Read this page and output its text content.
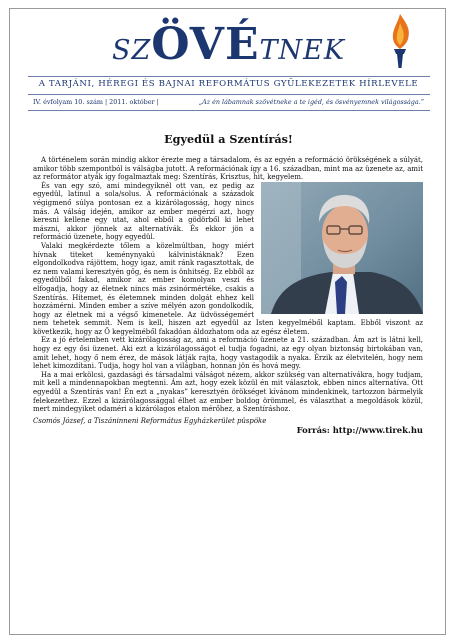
SZÖVÉTNEK
A TARJÁNI, HÉREGI ÉS BAJNAI REFORMÁTUS GYÜLEKEZETEK HÍRLEVELE
IV. évfolyam 10. szám | 2011. október |	„Az én lábamnak szövétneke a te igéd, és ösvényemnek világossága.”
Egyedül a Szentírás!

A történelem során mindig akkor érezte meg a társadalom, és az egyén a reformáció örökségének a súlyát, amikor több szempontból is válságba jutott. A reformációnak így a 16. században, mint ma az üzenete az, amit az reformátor atyák így fogalmaztak meg: Szentírás, Krisztus, hit, kegyelem.

És van egy szó, ami mindegyiknél ott van, ez pedig az egyedül, latinul a sola/solus. A reformációnak a századok végigmenő súlya pontosan ez a kizárólagosság, hogy nincs más. A válság idején, amikor az ember megérzi azt, hogy keresni kellene egy utat, ahol ebből a gödörből ki lehet mászni, akkor jönnek az alternatívák. És ekkor jön a reformáció üzenete, hogy egyedül.

Valaki megkérdezte tőlem a közelmúltban, hogy miért hívnak titeket keménynyakú kálvinistáknak? Ezen elgondolkodva rájöttem, hogy igaz, amit ránk ragasztottak, de ez nem valami keresztyén gőg, és nem is önhitség. Ez ebből az egyedülből fakad, amikor az ember komolyan veszi és elfogadja, hogy az életnek nincs más zsinórmértéke, csakis a Szentírás. Hitemet, és életemnek minden dolgát ehhez kell hozzámérni. Minden ember a szíve mélyén azon gondolkodik, hogy az életnek mi a végső kimenetele. Az üdvösségemért nem tehetek semmit. Nem is kell, hiszen azt egyedül az Isten kegyelméből kaptam. Ebből viszont az következik, hogy az Ő kegyelméből fakadóan áldozhatom oda az egész életem.

Ez a jó értelemben vett kizárólagosság az, ami a reformáció üzenete a 21. században. Ám azt is látni kell, hogy ez egy ősi üzenet. Aki ezt a kizárólagosságot el tudja fogadni, az egy olyan biztonság birtokában van, amit lehet, hogy ő nem érez, de mások látják rajta, hogy vastagodik a nyaka. Érzik az életvitelén, hogy nem lehet kimozdítani. Tudja, hogy hol van a világban, honnan jön és hová megy.

Ha a mai erkölcsi, gazdasági és társadalmi válságot nézem, akkor szükség van alternatívákra, hogy tudjam, mit kell a mindennapokban megtenni. Ám azt, hogy ezek közül én mit választok, ebben nincs alternatíva. Ott egyedül a Szentírás van! Én ezt a „nyakas” keresztyén örökséget kívánom mindenkinek, tartozzon bármelyik felekezethez. Ezzel a kizárólagossággal élhet az ember boldog örömmel, és választhat a megoldások közül, mert mindegyiket odaméri a kizárólagos etalon mérőhez, a Szentíráshoz.

Csomós József, a Tiszáninneni Református Egyházkerület püspöke

Forrás: http://www.tirek.hu
